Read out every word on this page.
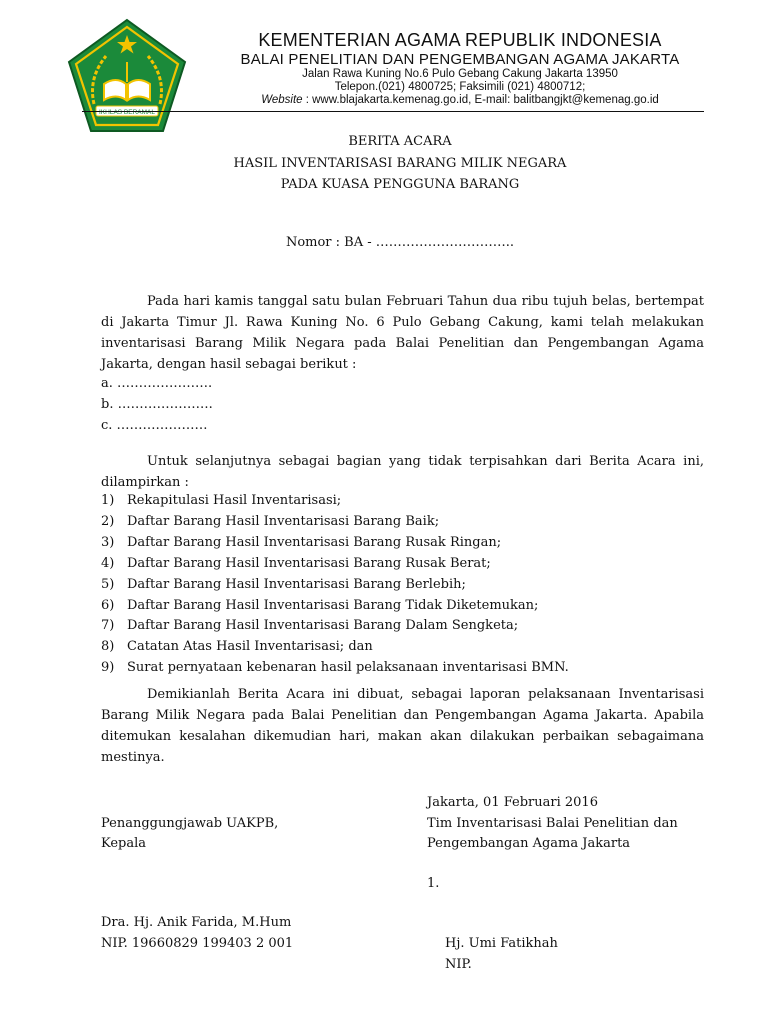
IKHLAS BERAMAL
KEMENTERIAN AGAMA REPUBLIK INDONESIA
BALAI PENELITIAN DAN PENGEMBANGAN AGAMA JAKARTA
Jalan Rawa Kuning No.6 Pulo Gebang Cakung Jakarta 13950
Telepon.(021) 4800725; Faksimili (021) 4800712;
Website : www.blajakarta.kemenag.go.id, E-mail: balitbangjkt@kemenag.go.id
BERITA ACARA
HASIL INVENTARISASI BARANG MILIK NEGARA
PADA KUASA PENGGUNA BARANG
Nomor : BA - …………………………..
Pada hari kamis tanggal satu bulan Februari Tahun dua ribu tujuh belas, bertempat di Jakarta Timur Jl. Rawa Kuning No. 6 Pulo Gebang Cakung, kami telah melakukan inventarisasi Barang Milik Negara pada Balai Penelitian dan Pengembangan Agama Jakarta, dengan hasil sebagai berikut :
a. ………………….
b. ………………….
c. …………………
Untuk selanjutnya sebagai bagian yang tidak terpisahkan dari Berita Acara ini, dilampirkan :
1) Rekapitulasi Hasil Inventarisasi;
2) Daftar Barang Hasil Inventarisasi Barang Baik;
3) Daftar Barang Hasil Inventarisasi Barang Rusak Ringan;
4) Daftar Barang Hasil Inventarisasi Barang Rusak Berat;
5) Daftar Barang Hasil Inventarisasi Barang Berlebih;
6) Daftar Barang Hasil Inventarisasi Barang Tidak Diketemukan;
7) Daftar Barang Hasil Inventarisasi Barang Dalam Sengketa;
8) Catatan Atas Hasil Inventarisasi; dan
9) Surat pernyataan kebenaran hasil pelaksanaan inventarisasi BMN.
Demikianlah Berita Acara ini dibuat, sebagai laporan pelaksanaan Inventarisasi Barang Milik Negara pada Balai Penelitian dan Pengembangan Agama Jakarta. Apabila ditemukan kesalahan dikemudian hari, makan akan dilakukan perbaikan sebagaimana mestinya.
Jakarta, 01 Februari 2016
Penanggungjawab UAKPB,
Kepala
Tim Inventarisasi Balai Penelitian dan
Pengembangan Agama Jakarta
1.
Dra. Hj. Anik Farida, M.Hum
NIP. 19660829 199403 2 001	Hj. Umi Fatikhah
NIP.
